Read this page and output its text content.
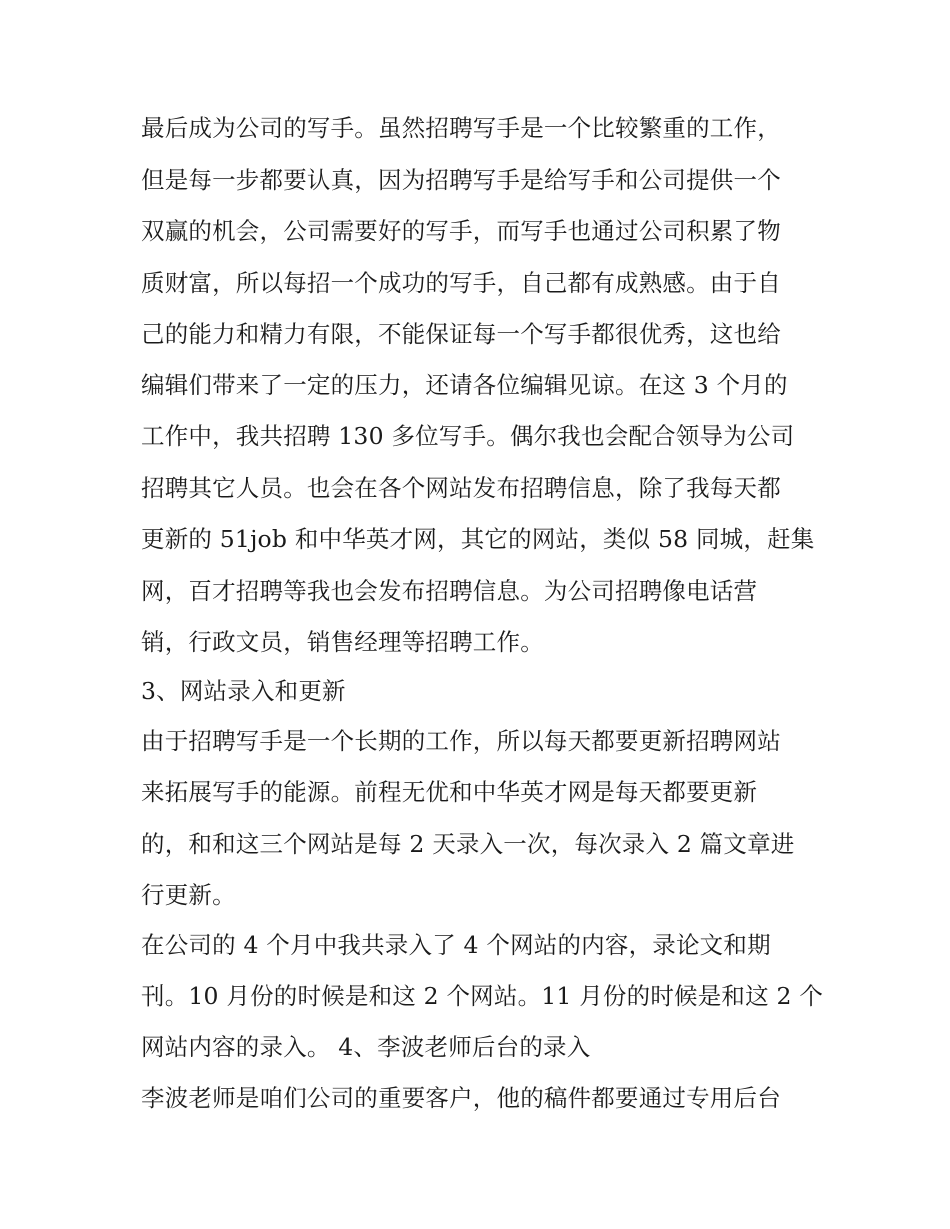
最后成为公司的写手。虽然招聘写手是一个比较繁重的工作，
但是每一步都要认真，因为招聘写手是给写手和公司提供一个
双赢的机会，公司需要好的写手，而写手也通过公司积累了物
质财富，所以每招一个成功的写手，自己都有成熟感。由于自
己的能力和精力有限，不能保证每一个写手都很优秀，这也给
编辑们带来了一定的压力，还请各位编辑见谅。在这 3 个月的
工作中，我共招聘 130 多位写手。偶尔我也会配合领导为公司
招聘其它人员。也会在各个网站发布招聘信息，除了我每天都
更新的 51job 和中华英才网，其它的网站，类似 58 同城，赶集
网，百才招聘等我也会发布招聘信息。为公司招聘像电话营
销，行政文员，销售经理等招聘工作。
3、网站录入和更新
由于招聘写手是一个长期的工作，所以每天都要更新招聘网站
来拓展写手的能源。前程无优和中华英才网是每天都要更新
的，和和这三个网站是每 2 天录入一次，每次录入 2 篇文章进
行更新。
在公司的 4 个月中我共录入了 4 个网站的内容，录论文和期
刊。10 月份的时候是和这 2 个网站。11 月份的时候是和这 2 个
网站内容的录入。 4、李波老师后台的录入
李波老师是咱们公司的重要客户，他的稿件都要通过专用后台
